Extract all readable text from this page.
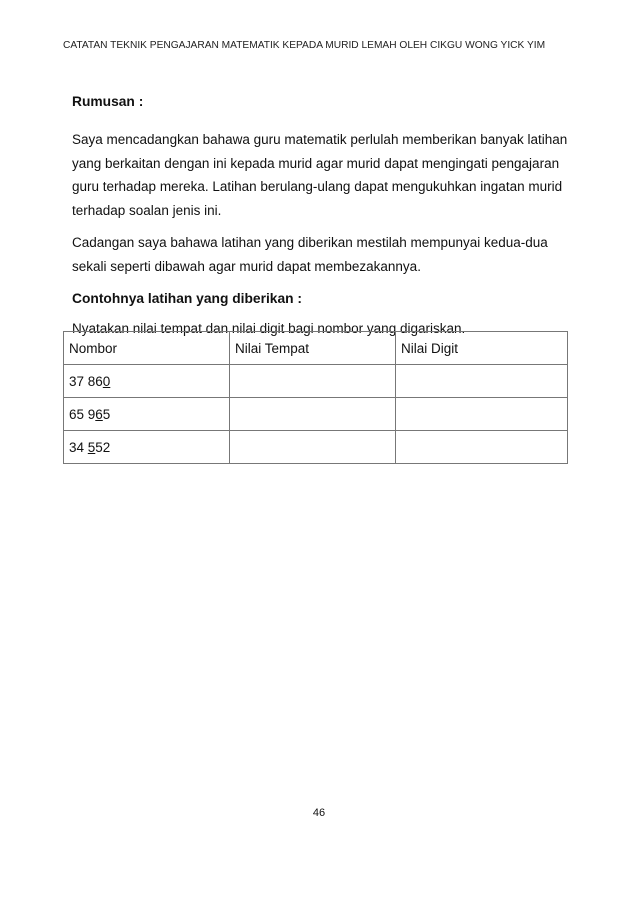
CATATAN TEKNIK PENGAJARAN MATEMATIK KEPADA MURID LEMAH OLEH CIKGU WONG YICK YIM
Rumusan :

Saya mencadangkan bahawa guru matematik perlulah memberikan banyak latihan yang berkaitan dengan ini kepada murid agar murid dapat mengingati pengajaran guru terhadap mereka. Latihan berulang-ulang dapat mengukuhkan ingatan murid terhadap soalan jenis ini.

Cadangan saya bahawa latihan yang diberikan mestilah mempunyai kedua-dua sekali seperti dibawah agar murid dapat membezakannya.

Contohnya latihan yang diberikan :
Nyatakan nilai tempat dan nilai digit bagi nombor yang digariskan.
Nombor	Nilai Tempat	Nilai Digit
37 860		
65 965		
34 552		
46
